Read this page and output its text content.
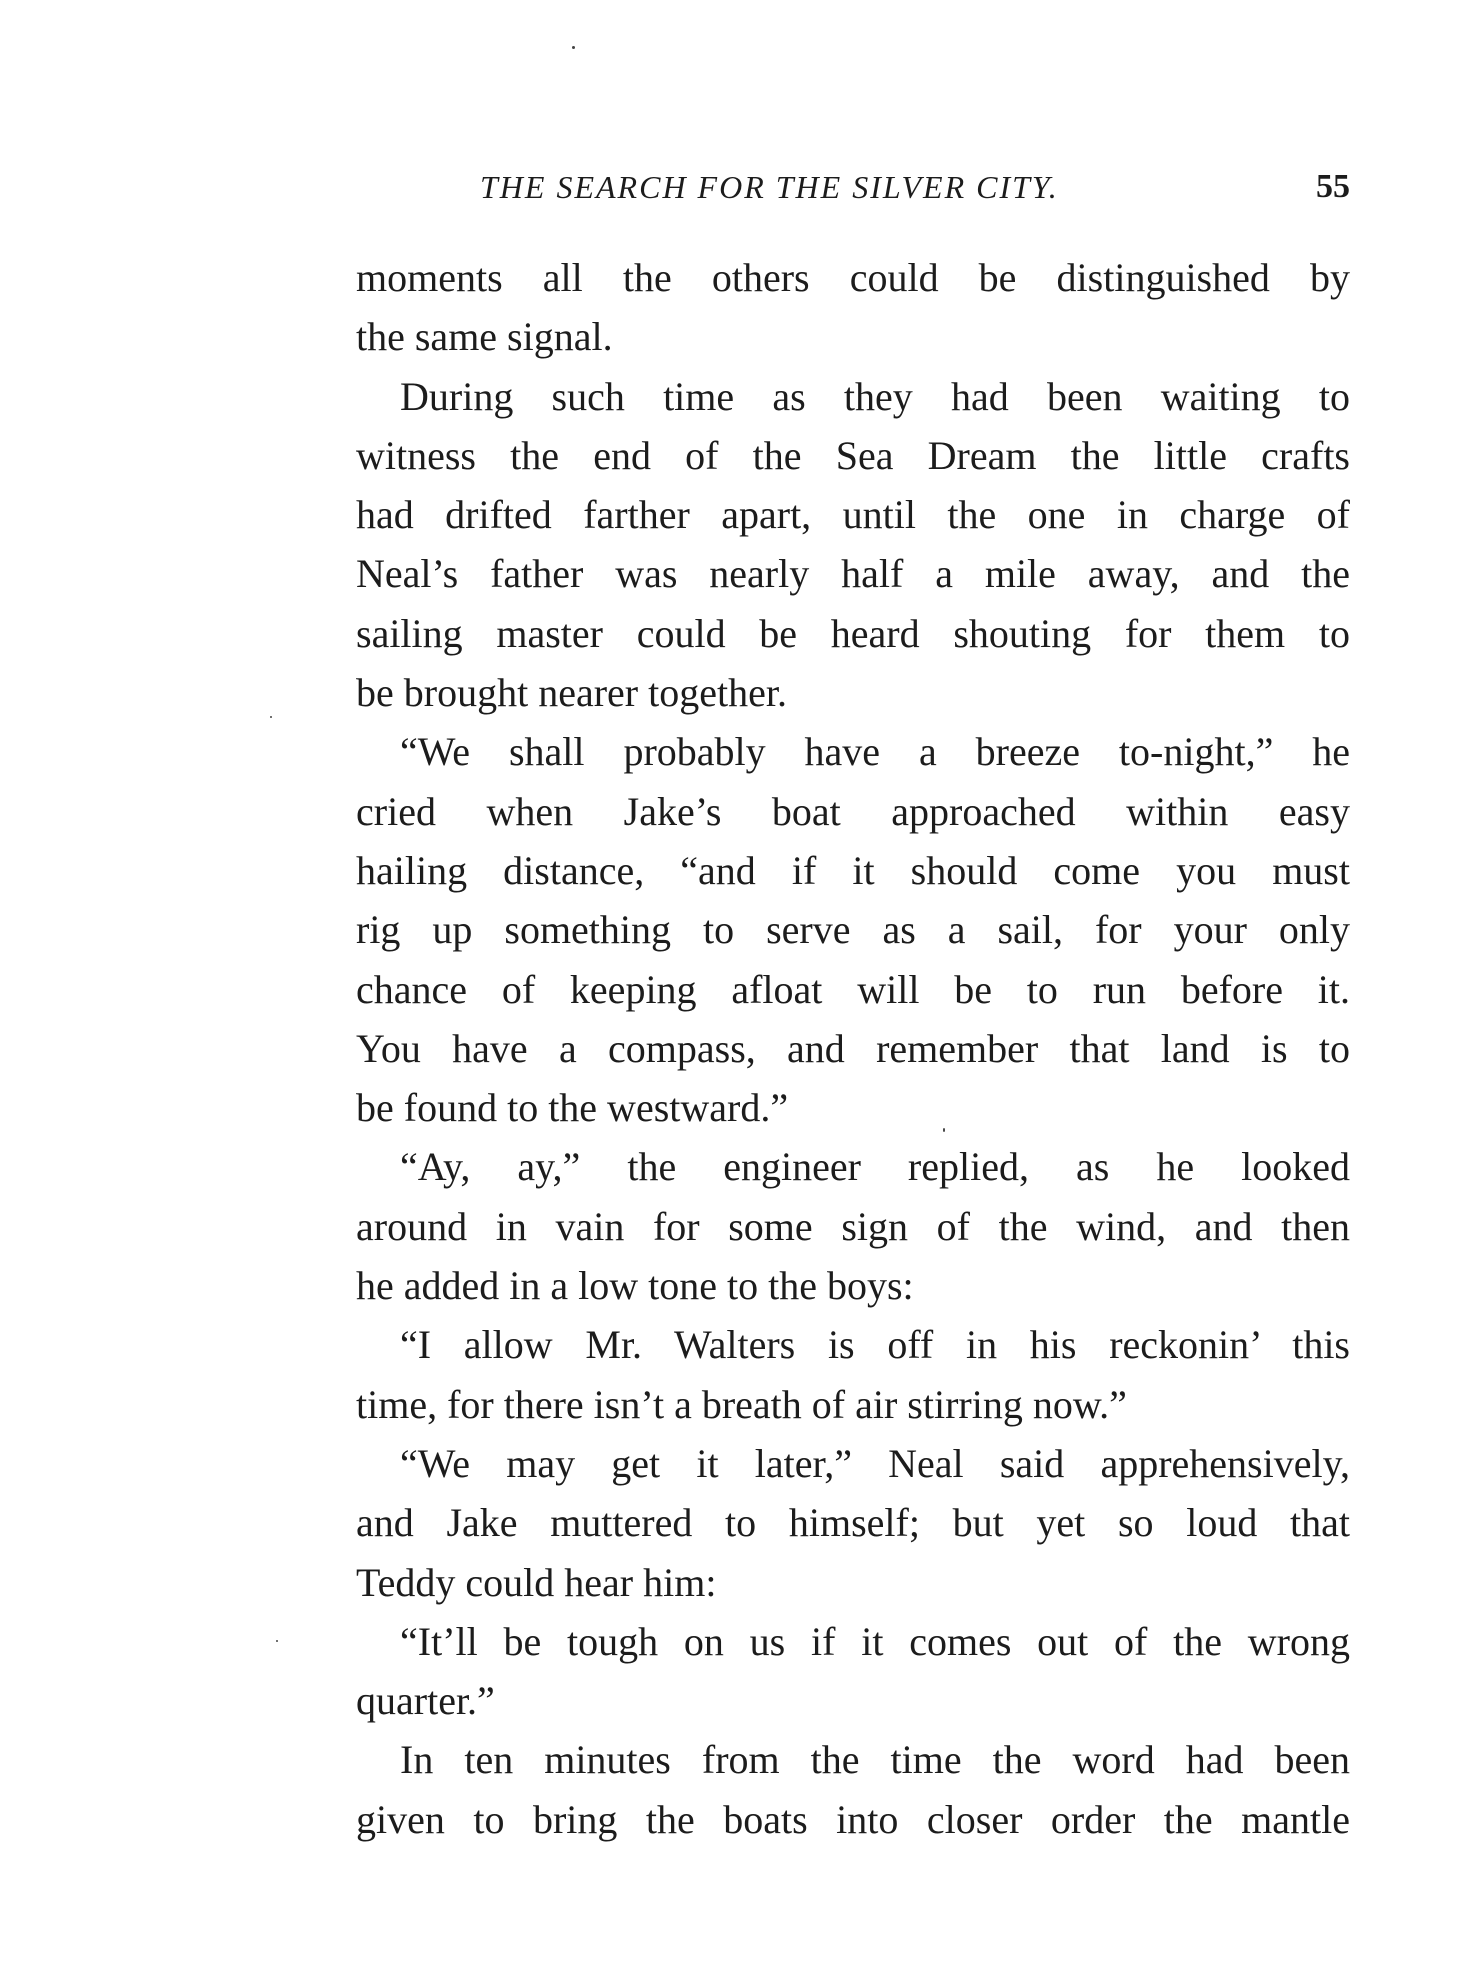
THE SEARCH FOR THE SILVER CITY.	55
moments all the others could be distinguished by
the same signal.
During such time as they had been waiting to
witness the end of the Sea Dream the little crafts
had drifted farther apart, until the one in charge of
Neal’s father was nearly half a mile away, and the
sailing master could be heard shouting for them to
be brought nearer together.
“We shall probably have a breeze to-night,” he
cried when Jake’s boat approached within easy
hailing distance, “and if it should come you must
rig up something to serve as a sail, for your only
chance of keeping afloat will be to run before it.
You have a compass, and remember that land is to
be found to the westward.”
“Ay, ay,” the engineer replied, as he looked
around in vain for some sign of the wind, and then
he added in a low tone to the boys:
“I allow Mr. Walters is off in his reckonin’ this
time, for there isn’t a breath of air stirring now.”
“We may get it later,” Neal said apprehensively,
and Jake muttered to himself; but yet so loud that
Teddy could hear him:
“It’ll be tough on us if it comes out of the wrong
quarter.”
In ten minutes from the time the word had been
given to bring the boats into closer order the mantle
